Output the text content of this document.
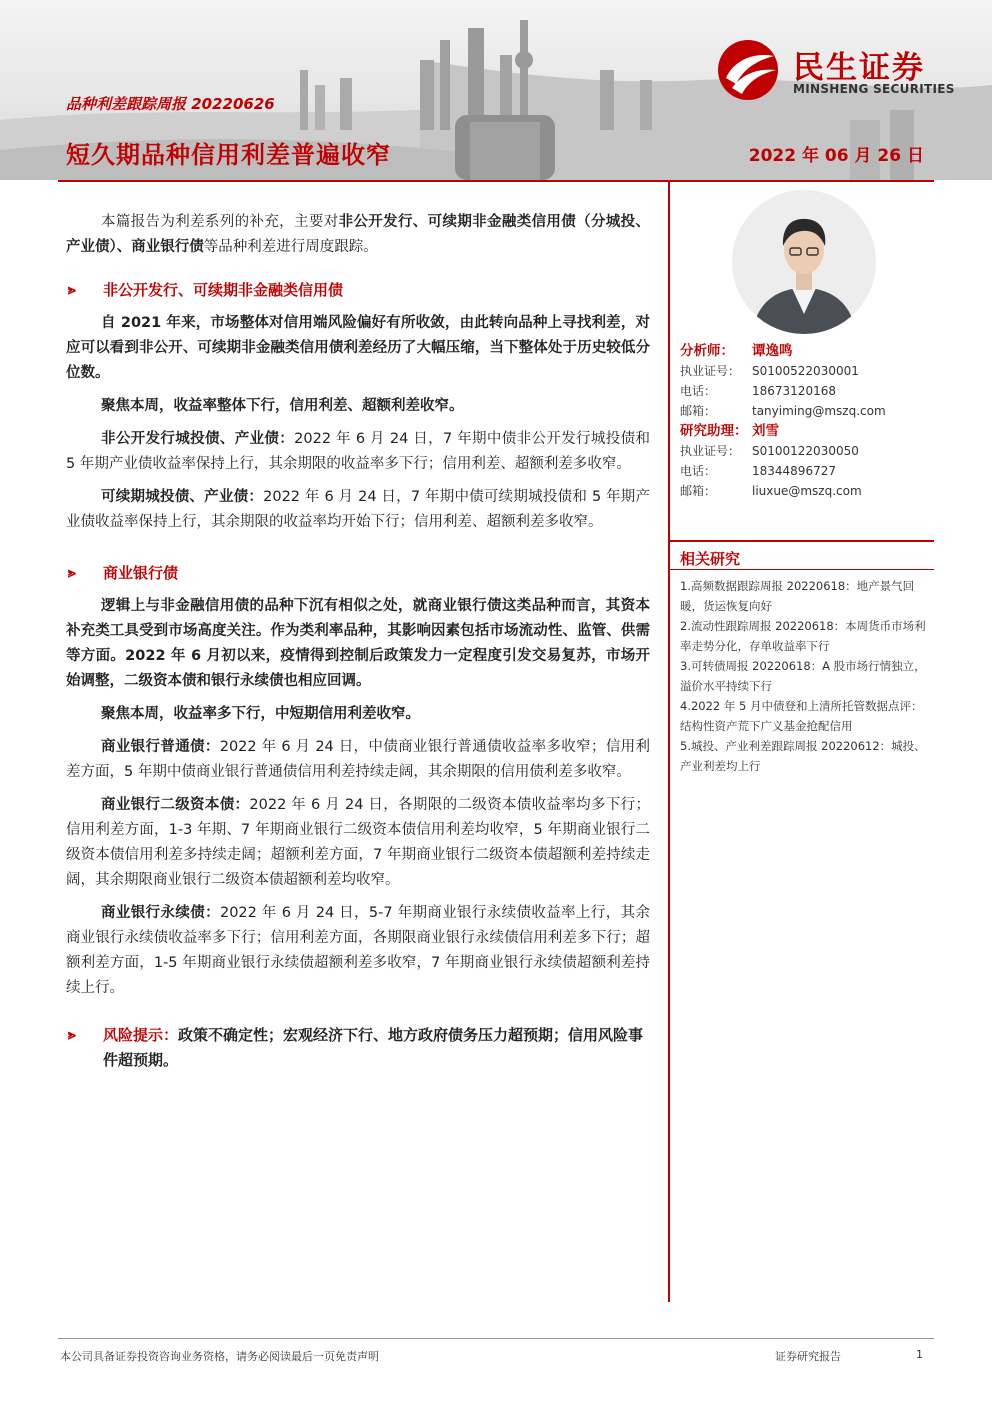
品种利差跟踪周报 20220626
短久期品种信用利差普遍收窄	2022 年 06 月 26 日
民生证券
MINSHENG SECURITIES

本篇报告为利差系列的补充，主要对非公开发行、可续期非金融类信用债（分城投、产业债）、商业银行债等品种利差进行周度跟踪。

⪢ 非公开发行、可续期非金融类信用债

自 2021 年来，市场整体对信用端风险偏好有所收敛，由此转向品种上寻找利差，对应可以看到非公开、可续期非金融类信用债利差经历了大幅压缩，当下整体处于历史较低分位数。

聚焦本周，收益率整体下行，信用利差、超额利差收窄。

非公开发行城投债、产业债：2022 年 6 月 24 日，7 年期中债非公开发行城投债和 5 年期产业债收益率保持上行，其余期限的收益率多下行；信用利差、超额利差多收窄。

可续期城投债、产业债：2022 年 6 月 24 日，7 年期中债可续期城投债和 5 年期产业债收益率保持上行，其余期限的收益率均开始下行；信用利差、超额利差多收窄。

⪢ 商业银行债

逻辑上与非金融信用债的品种下沉有相似之处，就商业银行债这类品种而言，其资本补充类工具受到市场高度关注。作为类利率品种，其影响因素包括市场流动性、监管、供需等方面。2022 年 6 月初以来，疫情得到控制后政策发力一定程度引发交易复苏，市场开始调整，二级资本债和银行永续债也相应回调。

聚焦本周，收益率多下行，中短期信用利差收窄。

商业银行普通债：2022 年 6 月 24 日，中债商业银行普通债收益率多收窄；信用利差方面，5 年期中债商业银行普通债信用利差持续走阔，其余期限的信用债利差多收窄。

商业银行二级资本债：2022 年 6 月 24 日，各期限的二级资本债收益率均多下行；信用利差方面，1-3 年期、7 年期商业银行二级资本债信用利差均收窄，5 年期商业银行二级资本债信用利差多持续走阔；超额利差方面，7 年期商业银行二级资本债超额利差持续走阔，其余期限商业银行二级资本债超额利差均收窄。

商业银行永续债：2022 年 6 月 24 日，5-7 年期商业银行永续债收益率上行，其余商业银行永续债收益率多下行；信用利差方面，各期限商业银行永续债信用利差多下行；超额利差方面，1-5 年期商业银行永续债超额利差多收窄，7 年期商业银行永续债超额利差持续上行。

⪢ 风险提示：政策不确定性；宏观经济下行、地方政府债务压力超预期；信用风险事件超预期。
分析师：	谭逸鸣
执业证号： S0100522030001
电话：	18673120168
邮箱：	tanyiming@mszq.com
研究助理： 刘雪
执业证号： S0100122030050
电话：	18344896727
邮箱：	liuxue@mszq.com
相关研究
1.高频数据跟踪周报 20220618：地产景气回暖，货运恢复向好
2.流动性跟踪周报 20220618：本周货币市场利率走势分化，存单收益率下行
3.可转债周报 20220618：A 股市场行情独立，溢价水平持续下行
4.2022 年 5 月中债登和上清所托管数据点评：结构性资产荒下广义基金抢配信用
5.城投、产业利差跟踪周报 20220612：城投、产业利差均上行
本公司具备证券投资咨询业务资格，请务必阅读最后一页免责声明	证券研究报告	1
